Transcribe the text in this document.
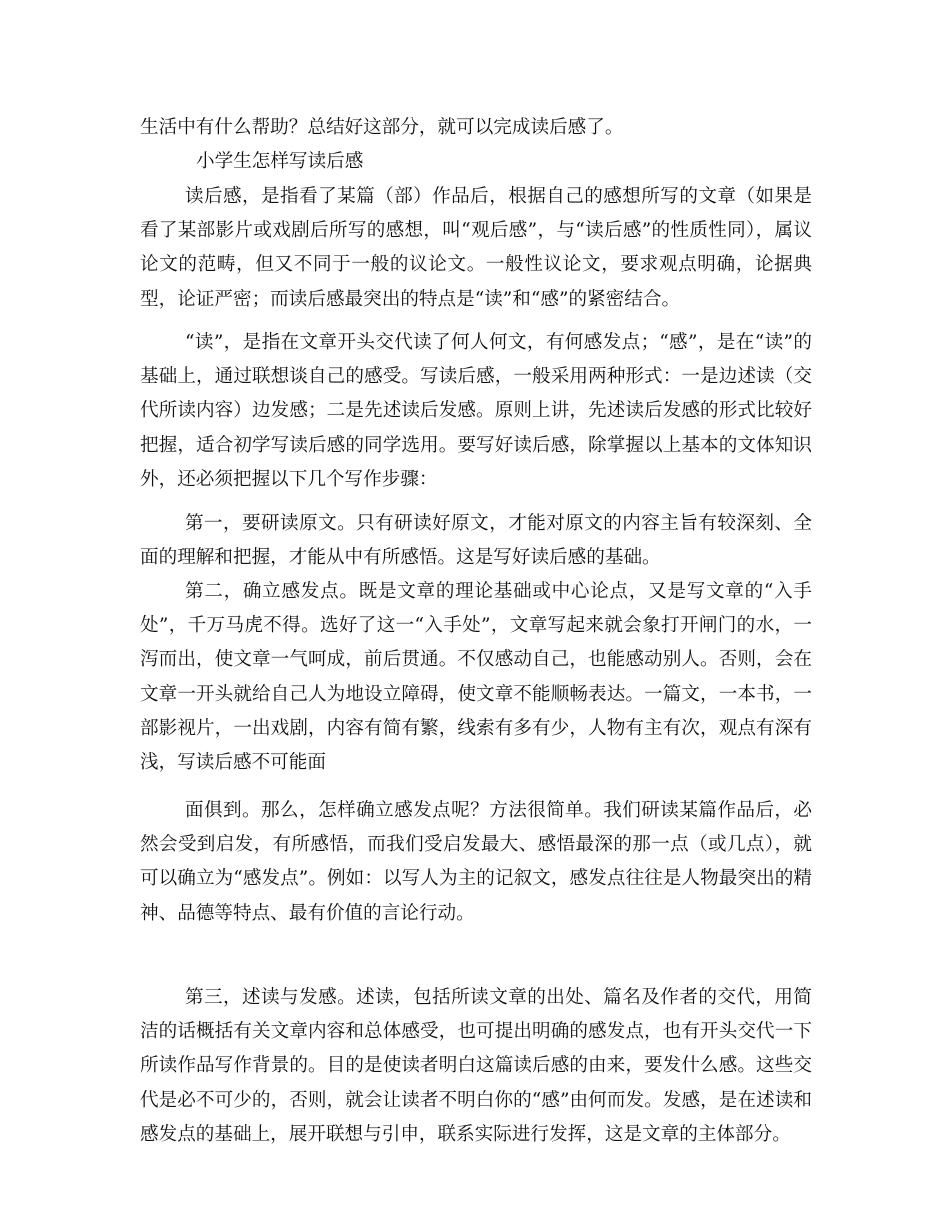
生活中有什么帮助？总结好这部分，就可以完成读后感了。

小学生怎样写读后感

读后感，是指看了某篇（部）作品后，根据自己的感想所写的文章（如果是看了某部影片或戏剧后所写的感想，叫“观后感”，与“读后感”的性质性同），属议论文的范畴，但又不同于一般的议论文。一般性议论文，要求观点明确，论据典型，论证严密；而读后感最突出的特点是“读”和“感”的紧密结合。

“读”，是指在文章开头交代读了何人何文，有何感发点；“感”，是在“读”的基础上，通过联想谈自己的感受。写读后感，一般采用两种形式：一是边述读（交代所读内容）边发感；二是先述读后发感。原则上讲，先述读后发感的形式比较好把握，适合初学写读后感的同学选用。要写好读后感，除掌握以上基本的文体知识外，还必须把握以下几个写作步骤：

第一，要研读原文。只有研读好原文，才能对原文的内容主旨有较深刻、全面的理解和把握，才能从中有所感悟。这是写好读后感的基础。

第二，确立感发点。既是文章的理论基础或中心论点，又是写文章的“入手处”，千万马虎不得。选好了这一“入手处”，文章写起来就会象打开闸门的水，一泻而出，使文章一气呵成，前后贯通。不仅感动自己，也能感动别人。否则，会在文章一开头就给自己人为地设立障碍，使文章不能顺畅表达。一篇文，一本书，一部影视片，一出戏剧，内容有简有繁，线索有多有少，人物有主有次，观点有深有浅，写读后感不可能面

面俱到。那么，怎样确立感发点呢？方法很简单。我们研读某篇作品后，必然会受到启发，有所感悟，而我们受启发最大、感悟最深的那一点（或几点），就可以确立为“感发点”。例如：以写人为主的记叙文，感发点往往是人物最突出的精神、品德等特点、最有价值的言论行动。

第三，述读与发感。述读，包括所读文章的出处、篇名及作者的交代，用简洁的话概括有关文章内容和总体感受，也可提出明确的感发点，也有开头交代一下所读作品写作背景的。目的是使读者明白这篇读后感的由来，要发什么感。这些交代是必不可少的，否则，就会让读者不明白你的“感”由何而发。发感，是在述读和感发点的基础上，展开联想与引申，联系实际进行发挥，这是文章的主体部分。
